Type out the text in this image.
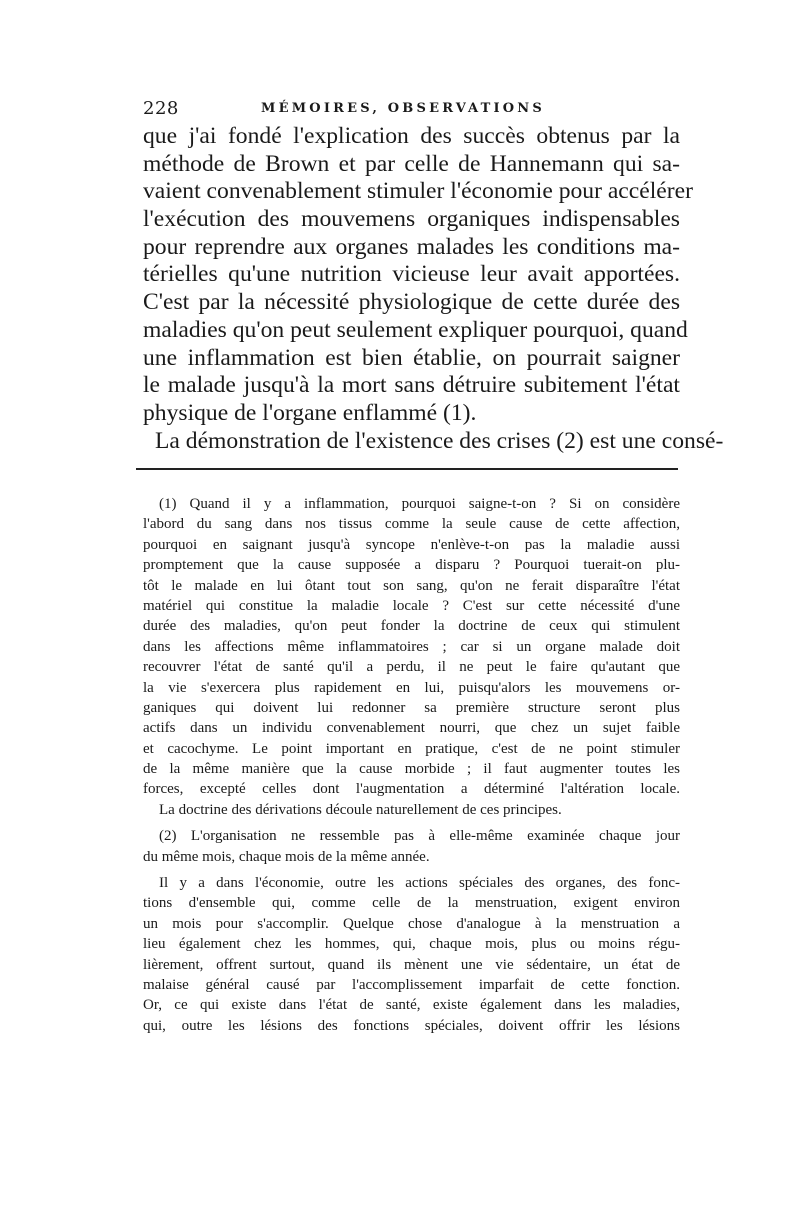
228	MÉMOIRES, OBSERVATIONS
que j'ai fondé l'explication des succès obtenus par la
méthode de Brown et par celle de Hannemann qui sa-
vaient convenablement stimuler l'économie pour accélérer
l'exécution des mouvemens organiques indispensables
pour reprendre aux organes malades les conditions ma-
térielles qu'une nutrition vicieuse leur avait apportées.
C'est par la nécessité physiologique de cette durée des
maladies qu'on peut seulement expliquer pourquoi, quand
une inflammation est bien établie, on pourrait saigner
le malade jusqu'à la mort sans détruire subitement l'état
physique de l'organe enflammé (1).
La démonstration de l'existence des crises (2) est une consé-
(1) Quand il y a inflammation, pourquoi saigne-t-on ? Si on considère
l'abord du sang dans nos tissus comme la seule cause de cette affection,
pourquoi en saignant jusqu'à syncope n'enlève-t-on pas la maladie aussi
promptement que la cause supposée a disparu ? Pourquoi tuerait-on plu-
tôt le malade en lui ôtant tout son sang, qu'on ne ferait disparaître l'état
matériel qui constitue la maladie locale ? C'est sur cette nécessité d'une
durée des maladies, qu'on peut fonder la doctrine de ceux qui stimulent
dans les affections même inflammatoires ; car si un organe malade doit
recouvrer l'état de santé qu'il a perdu, il ne peut le faire qu'autant que
la vie s'exercera plus rapidement en lui, puisqu'alors les mouvemens or-
ganiques qui doivent lui redonner sa première structure seront plus
actifs dans un individu convenablement nourri, que chez un sujet faible
et cacochyme. Le point important en pratique, c'est de ne point stimuler
de la même manière que la cause morbide ; il faut augmenter toutes les
forces, excepté celles dont l'augmentation a déterminé l'altération locale.
La doctrine des dérivations découle naturellement de ces principes.
(2) L'organisation ne ressemble pas à elle-même examinée chaque jour
du même mois, chaque mois de la même année.
Il y a dans l'économie, outre les actions spéciales des organes, des fonc-
tions d'ensemble qui, comme celle de la menstruation, exigent environ
un mois pour s'accomplir. Quelque chose d'analogue à la menstruation a
lieu également chez les hommes, qui, chaque mois, plus ou moins régu-
lièrement, offrent surtout, quand ils mènent une vie sédentaire, un état de
malaise général causé par l'accomplissement imparfait de cette fonction.
Or, ce qui existe dans l'état de santé, existe également dans les maladies,
qui, outre les lésions des fonctions spéciales, doivent offrir les lésions
